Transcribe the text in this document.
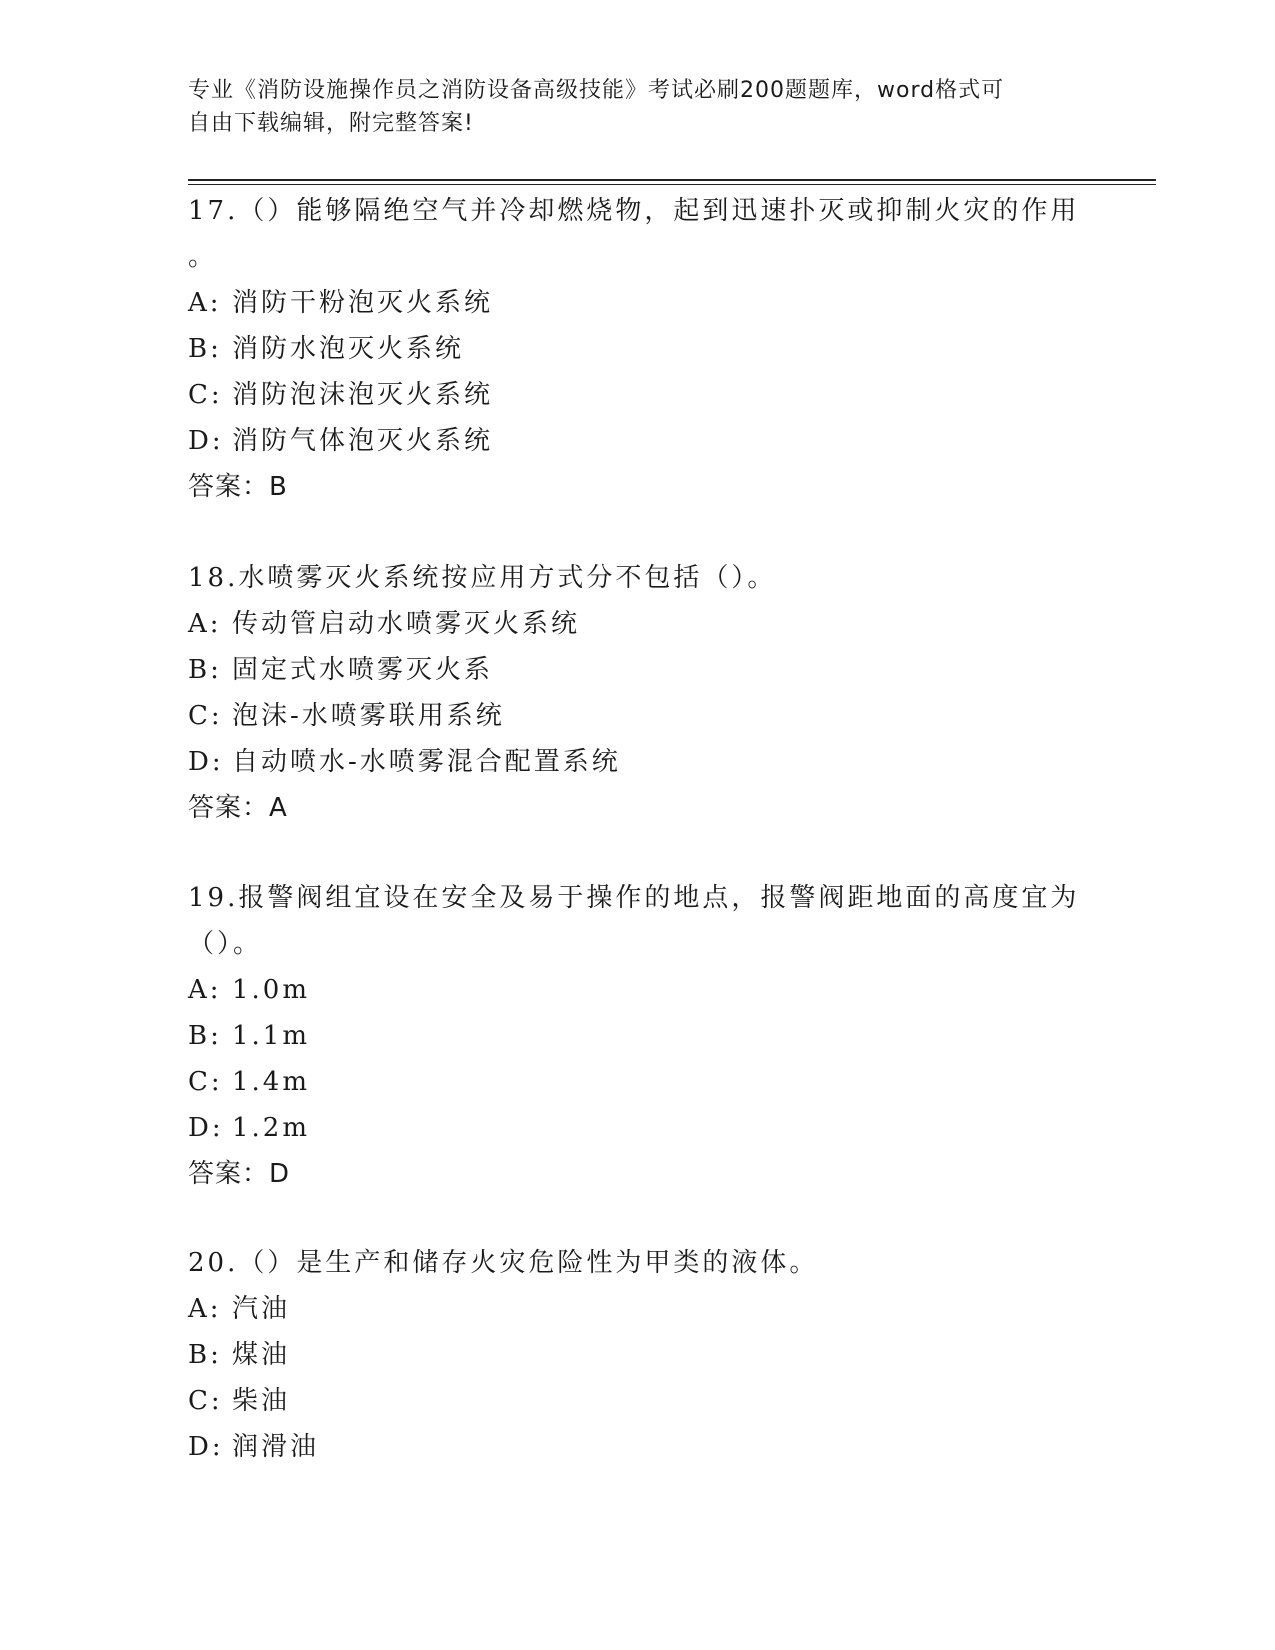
专业《消防设施操作员之消防设备高级技能》考试必刷200题题库，word格式可
自由下载编辑，附完整答案!

17.（）能够隔绝空气并冷却燃烧物，起到迅速扑灭或抑制火灾的作用

。

A: 消防干粉泡灭火系统

B: 消防水泡灭火系统

C: 消防泡沫泡灭火系统

D: 消防气体泡灭火系统

答案：B

18.水喷雾灭火系统按应用方式分不包括（）。

A: 传动管启动水喷雾灭火系统

B: 固定式水喷雾灭火系

C: 泡沫-水喷雾联用系统

D: 自动喷水-水喷雾混合配置系统

答案：A

19.报警阀组宜设在安全及易于操作的地点，报警阀距地面的高度宜为

（）。

A: 1.0m

B: 1.1m

C: 1.4m

D: 1.2m

答案：D

20.（）是生产和储存火灾危险性为甲类的液体。

A: 汽油

B: 煤油

C: 柴油

D: 润滑油
